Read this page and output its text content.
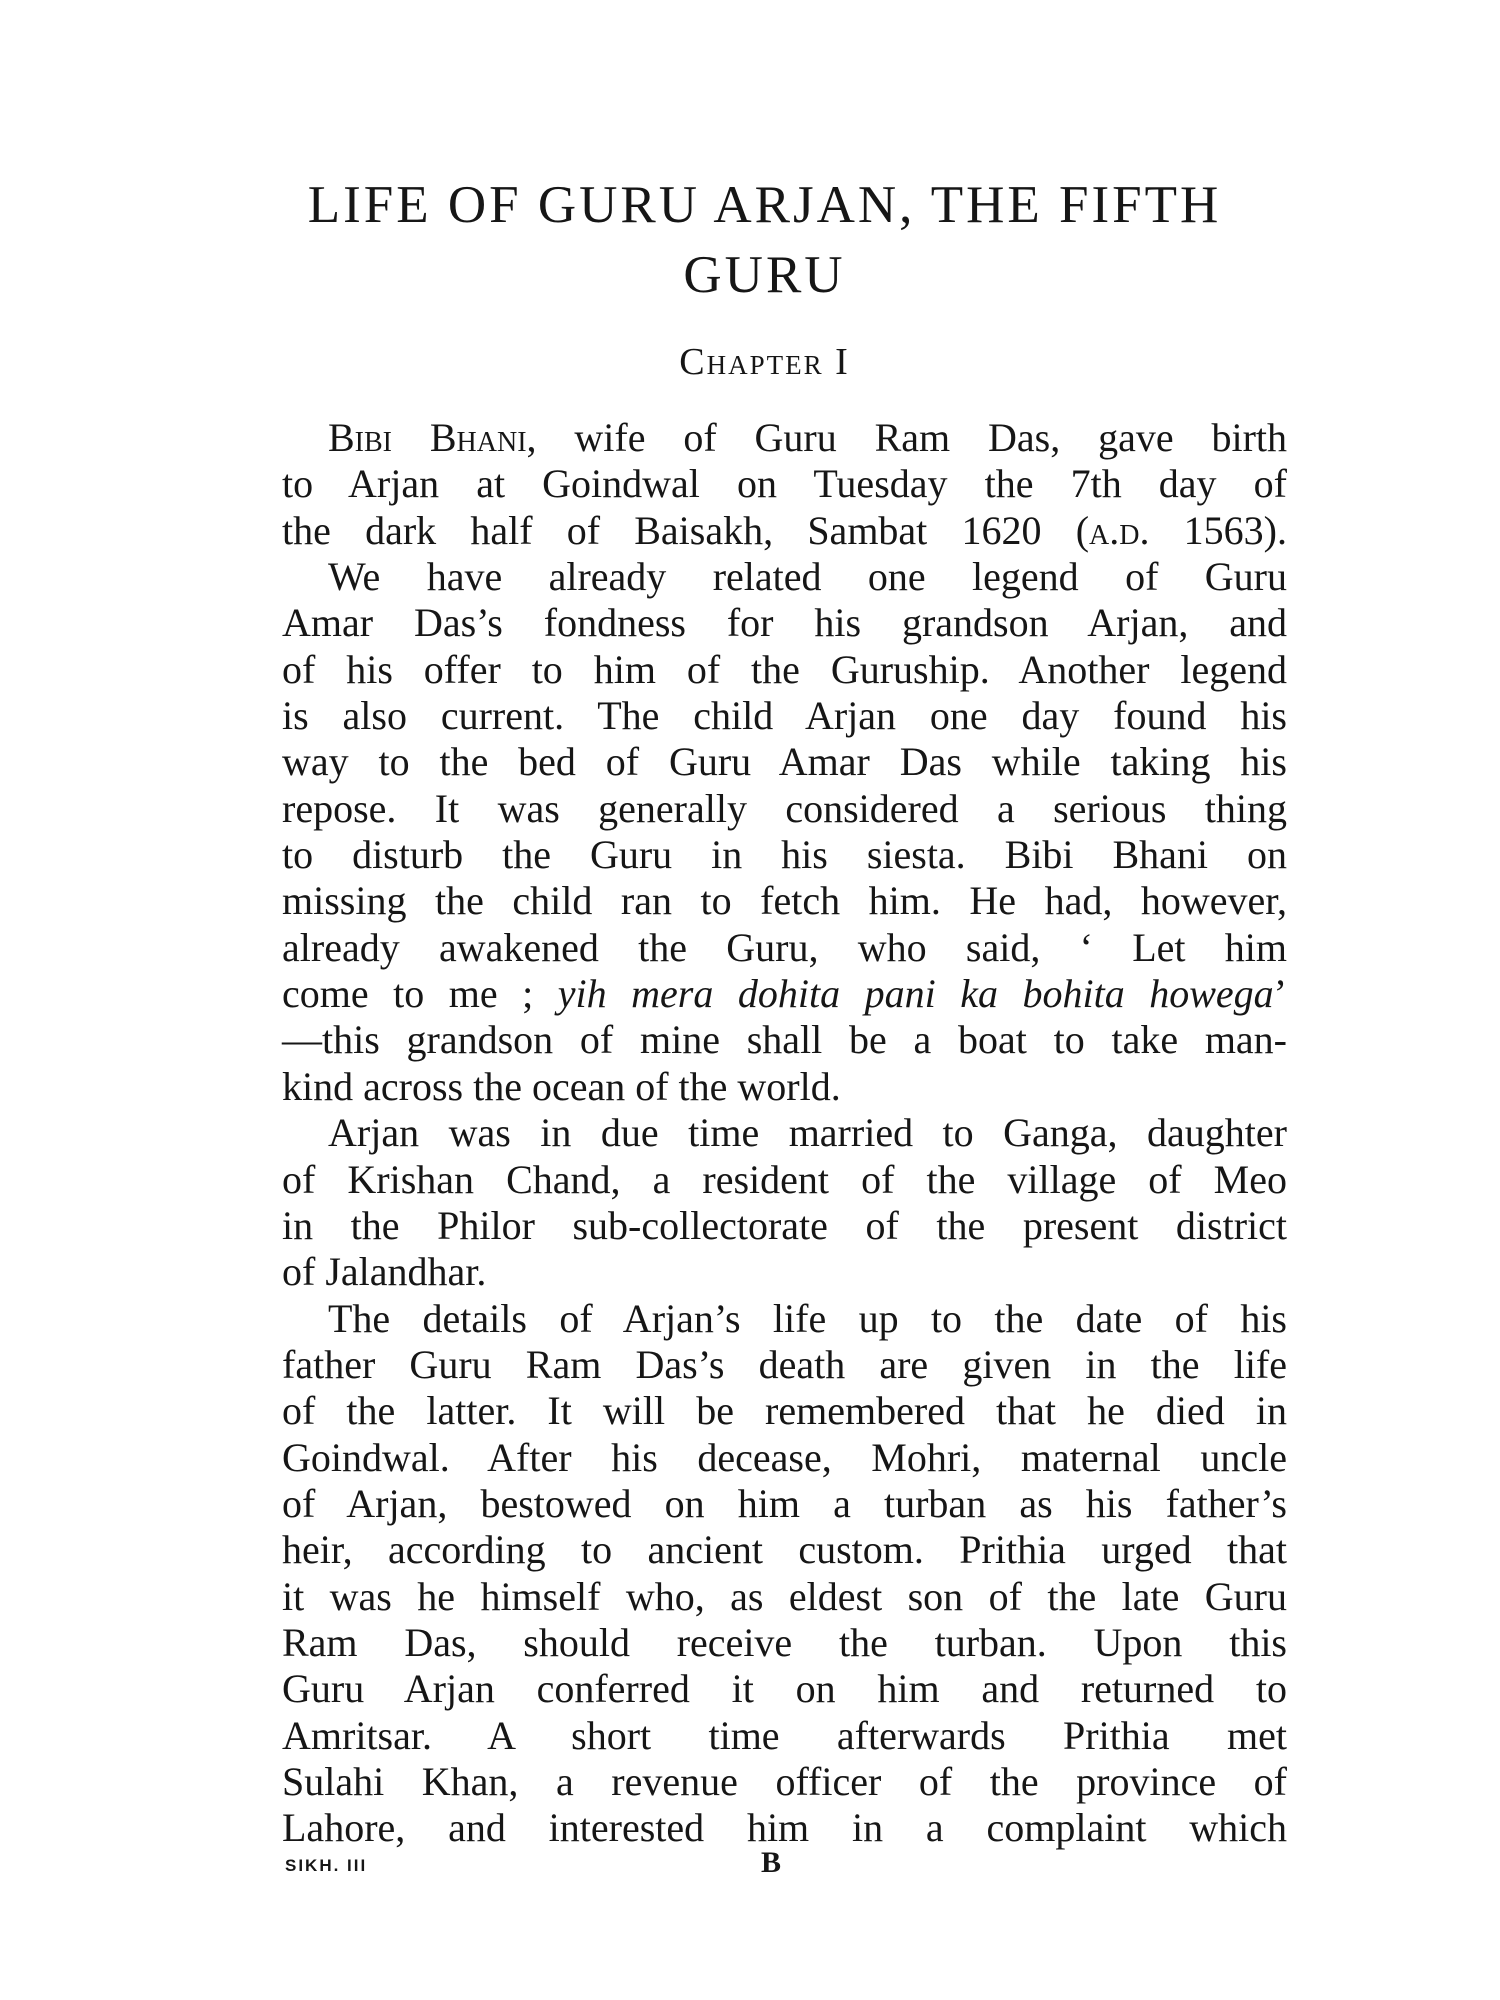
LIFE OF GURU ARJAN, THE FIFTH
GURU
Chapter I

Bibi Bhani, wife of Guru Ram Das, gave birth
to Arjan at Goindwal on Tuesday the 7th day of
the dark half of Baisakh, Sambat 1620 (a.d. 1563).

We have already related one legend of Guru
Amar Das’s fondness for his grandson Arjan, and
of his offer to him of the Guruship. Another legend
is also current. The child Arjan one day found his
way to the bed of Guru Amar Das while taking his
repose. It was generally considered a serious thing
to disturb the Guru in his siesta. Bibi Bhani on
missing the child ran to fetch him. He had, however,
already awakened the Guru, who said, ‘ Let him
come to me ; yih mera dohita pani ka bohita howega’
—this grandson of mine shall be a boat to take man-
kind across the ocean of the world.

Arjan was in due time married to Ganga, daughter
of Krishan Chand, a resident of the village of Meo
in the Philor sub-collectorate of the present district
of Jalandhar.

The details of Arjan’s life up to the date of his
father Guru Ram Das’s death are given in the life
of the latter. It will be remembered that he died in
Goindwal. After his decease, Mohri, maternal uncle
of Arjan, bestowed on him a turban as his father’s
heir, according to ancient custom. Prithia urged that
it was he himself who, as eldest son of the late Guru
Ram Das, should receive the turban. Upon this
Guru Arjan conferred it on him and returned to
Amritsar. A short time afterwards Prithia met
Sulahi Khan, a revenue officer of the province of
Lahore, and interested him in a complaint which

SIKH. III	B
